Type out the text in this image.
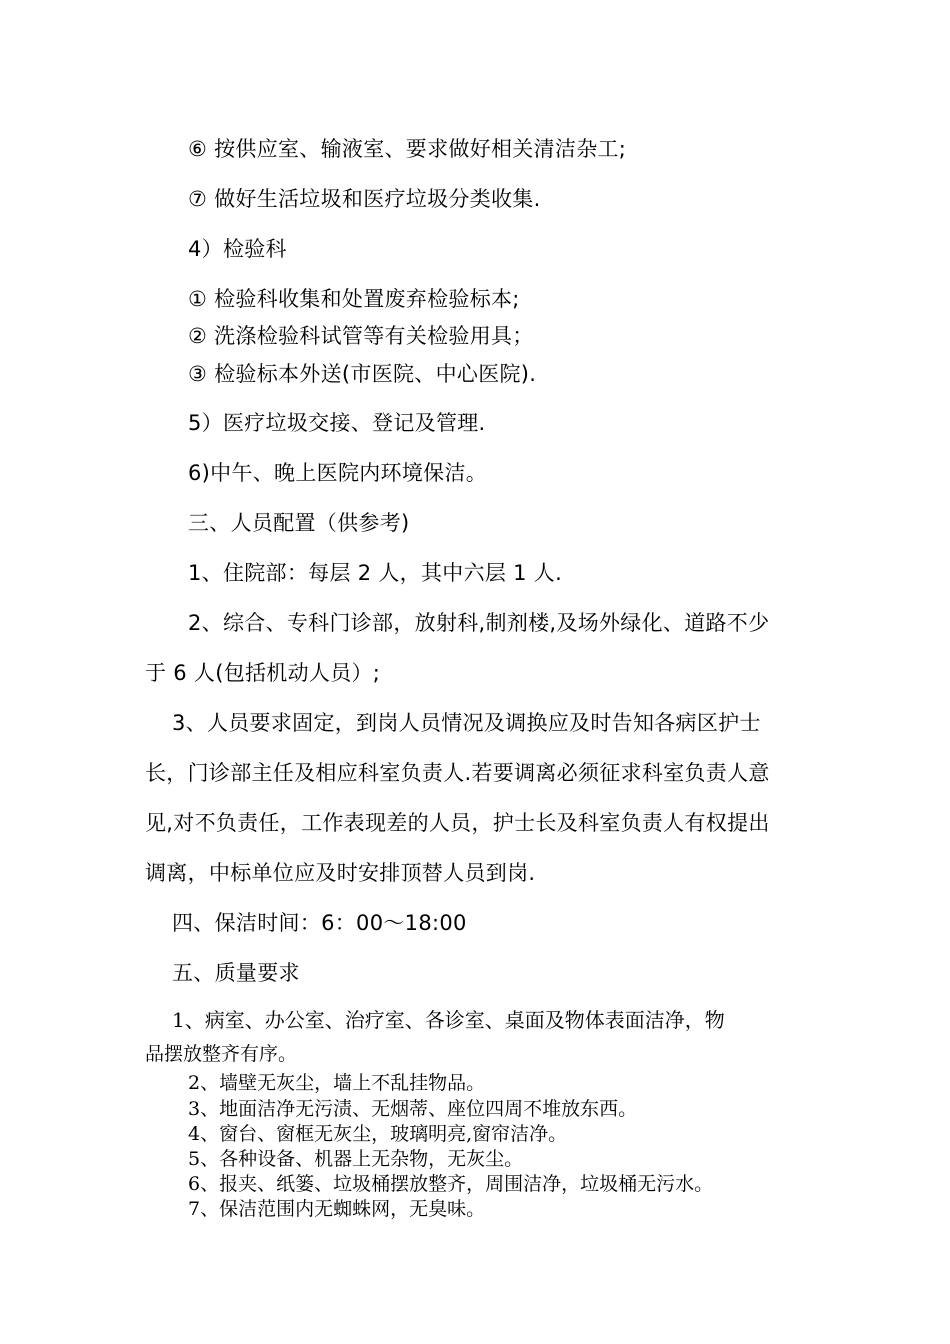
⑥ 按供应室、输液室、要求做好相关清洁杂工;
⑦ 做好生活垃圾和医疗垃圾分类收集.
4）检验科
① 检验科收集和处置废弃检验标本;
② 洗涤检验科试管等有关检验用具；
③ 检验标本外送(市医院、中心医院).
5）医疗垃圾交接、登记及管理.
6)中午、晚上医院内环境保洁。
三、人员配置（供参考)
1、住院部：每层 2 人，其中六层 1 人.
2、综合、专科门诊部，放射科,制剂楼,及场外绿化、道路不少
于 6 人(包括机动人员）;
3、人员要求固定，到岗人员情况及调换应及时告知各病区护士
长，门诊部主任及相应科室负责人.若要调离必须征求科室负责人意
见,对不负责任，工作表现差的人员，护士长及科室负责人有权提出
调离，中标单位应及时安排顶替人员到岗.
四、保洁时间：6：00～18:00
五、质量要求
1、病室、办公室、治疗室、各诊室、桌面及物体表面洁净，物
品摆放整齐有序。
2、墙壁无灰尘，墙上不乱挂物品。
3、地面洁净无污渍、无烟蒂、座位四周不堆放东西。
4、窗台、窗框无灰尘，玻璃明亮,窗帘洁净。
5、各种设备、机器上无杂物，无灰尘。
6、报夹、纸篓、垃圾桶摆放整齐，周围洁净，垃圾桶无污水。
7、保洁范围内无蜘蛛网，无臭味。
